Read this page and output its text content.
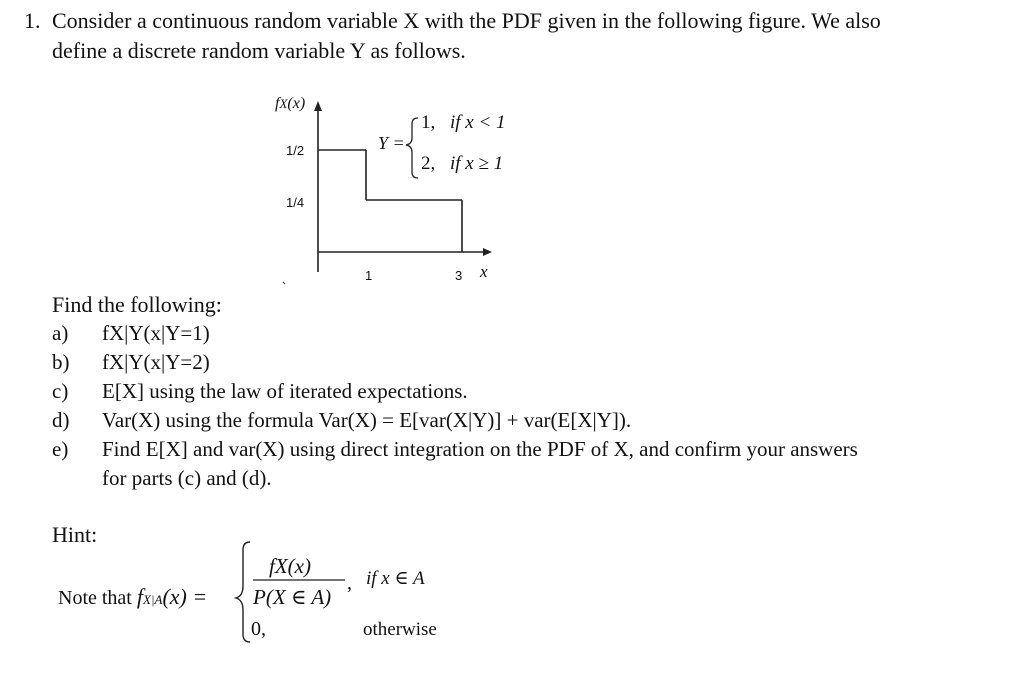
1. Consider a continuous random variable X with the PDF given in the following figure. We also
define a discrete random variable Y as follows.
fX(x)
1/2
1/4
1	3 x
Y =
1, if x < 1
2, if x ≥ 1
Find the following:
a) fX|Y(x|Y=1)
b) fX|Y(x|Y=2)
c) E[X] using the law of iterated expectations.
d) Var(X) using the formula Var(X) = E[var(X|Y)] + var(E[X|Y]).
e) Find E[X] and var(X) using direct integration on the PDF of X, and confirm your answers
for parts (c) and (d).
Hint:
Note that fX|A(x) =
fX(x)
P(X ∈ A)
, if x ∈ A
0,	otherwise
